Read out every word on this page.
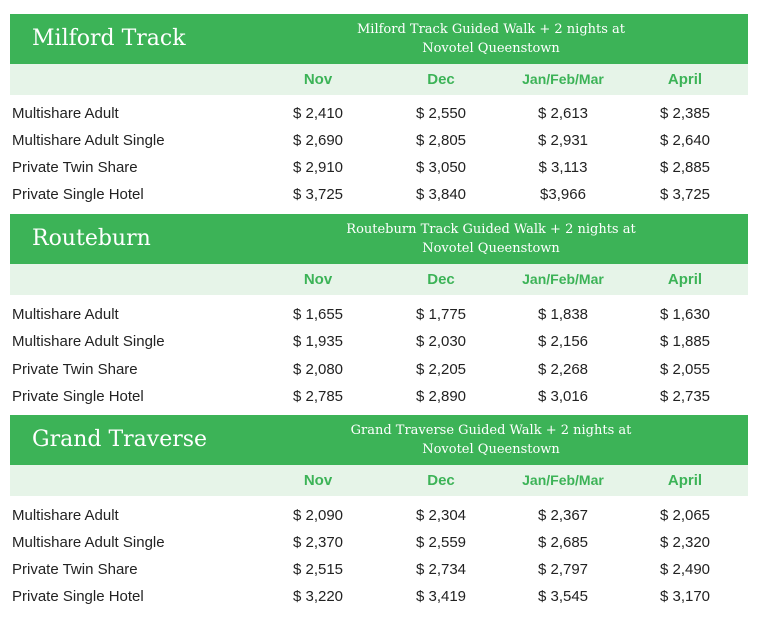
Milford Track	Milford Track Guided Walk + 2 nights at
Novotel Queenstown
Nov	Dec	Jan/Feb/Mar	April
Multishare Adult	$ 2,410	$ 2,550	$ 2,613	$ 2,385
Multishare Adult Single	$ 2,690	$ 2,805	$ 2,931	$ 2,640
Private Twin Share	$ 2,910	$ 3,050	$ 3,113	$ 2,885
Private Single Hotel	$ 3,725	$ 3,840	$3,966	$ 3,725
Routeburn	Routeburn Track Guided Walk + 2 nights at
Novotel Queenstown
Nov	Dec	Jan/Feb/Mar	April
Multishare Adult	$ 1,655	$ 1,775	$ 1,838	$ 1,630
Multishare Adult Single	$ 1,935	$ 2,030	$ 2,156	$ 1,885
Private Twin Share	$ 2,080	$ 2,205	$ 2,268	$ 2,055
Private Single Hotel	$ 2,785	$ 2,890	$ 3,016	$ 2,735
Grand Traverse	Grand Traverse Guided Walk + 2 nights at
Novotel Queenstown
Nov	Dec	Jan/Feb/Mar	April
Multishare Adult	$ 2,090	$ 2,304	$ 2,367	$ 2,065
Multishare Adult Single	$ 2,370	$ 2,559	$ 2,685	$ 2,320
Private Twin Share	$ 2,515	$ 2,734	$ 2,797	$ 2,490
Private Single Hotel	$ 3,220	$ 3,419	$ 3,545	$ 3,170
